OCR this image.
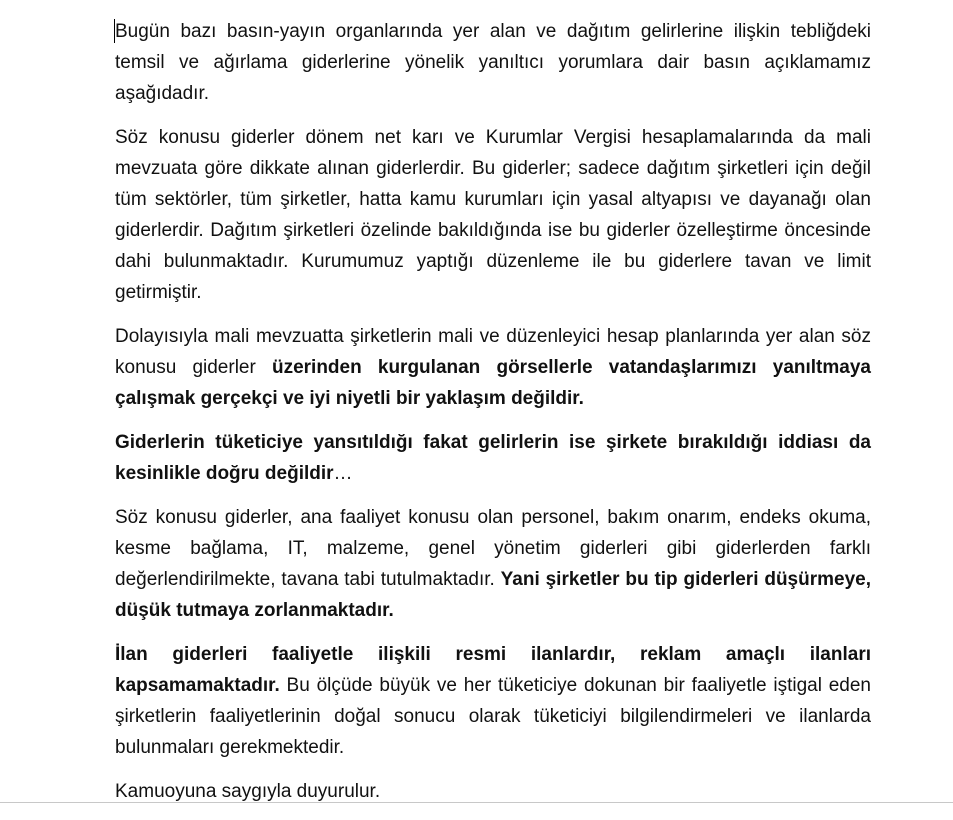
Bugün bazı basın-yayın organlarında yer alan ve dağıtım gelirlerine ilişkin tebliğdeki temsil ve ağırlama giderlerine yönelik yanıltıcı yorumlara dair basın açıklamamız aşağıdadır.

Söz konusu giderler dönem net karı ve Kurumlar Vergisi hesaplamalarında da mali mevzuata göre dikkate alınan giderlerdir. Bu giderler; sadece dağıtım şirketleri için değil tüm sektörler, tüm şirketler, hatta kamu kurumları için yasal altyapısı ve dayanağı olan giderlerdir. Dağıtım şirketleri özelinde bakıldığında ise bu giderler özelleştirme öncesinde dahi bulunmaktadır. Kurumumuz yaptığı düzenleme ile bu giderlere tavan ve limit getirmiştir.

Dolayısıyla mali mevzuatta şirketlerin mali ve düzenleyici hesap planlarında yer alan söz konusu giderler üzerinden kurgulanan görsellerle vatandaşlarımızı yanıltmaya çalışmak gerçekçi ve iyi niyetli bir yaklaşım değildir.

Giderlerin tüketiciye yansıtıldığı fakat gelirlerin ise şirkete bırakıldığı iddiası da kesinlikle doğru değildir…

Söz konusu giderler, ana faaliyet konusu olan personel, bakım onarım, endeks okuma, kesme bağlama, IT, malzeme, genel yönetim giderleri gibi giderlerden farklı değerlendirilmekte, tavana tabi tutulmaktadır. Yani şirketler bu tip giderleri düşürmeye, düşük tutmaya zorlanmaktadır.

İlan giderleri faaliyetle ilişkili resmi ilanlardır, reklam amaçlı ilanları kapsamamaktadır. Bu ölçüde büyük ve her tüketiciye dokunan bir faaliyetle iştigal eden şirketlerin faaliyetlerinin doğal sonucu olarak tüketiciyi bilgilendirmeleri ve ilanlarda bulunmaları gerekmektedir.

Kamuoyuna saygıyla duyurulur.
